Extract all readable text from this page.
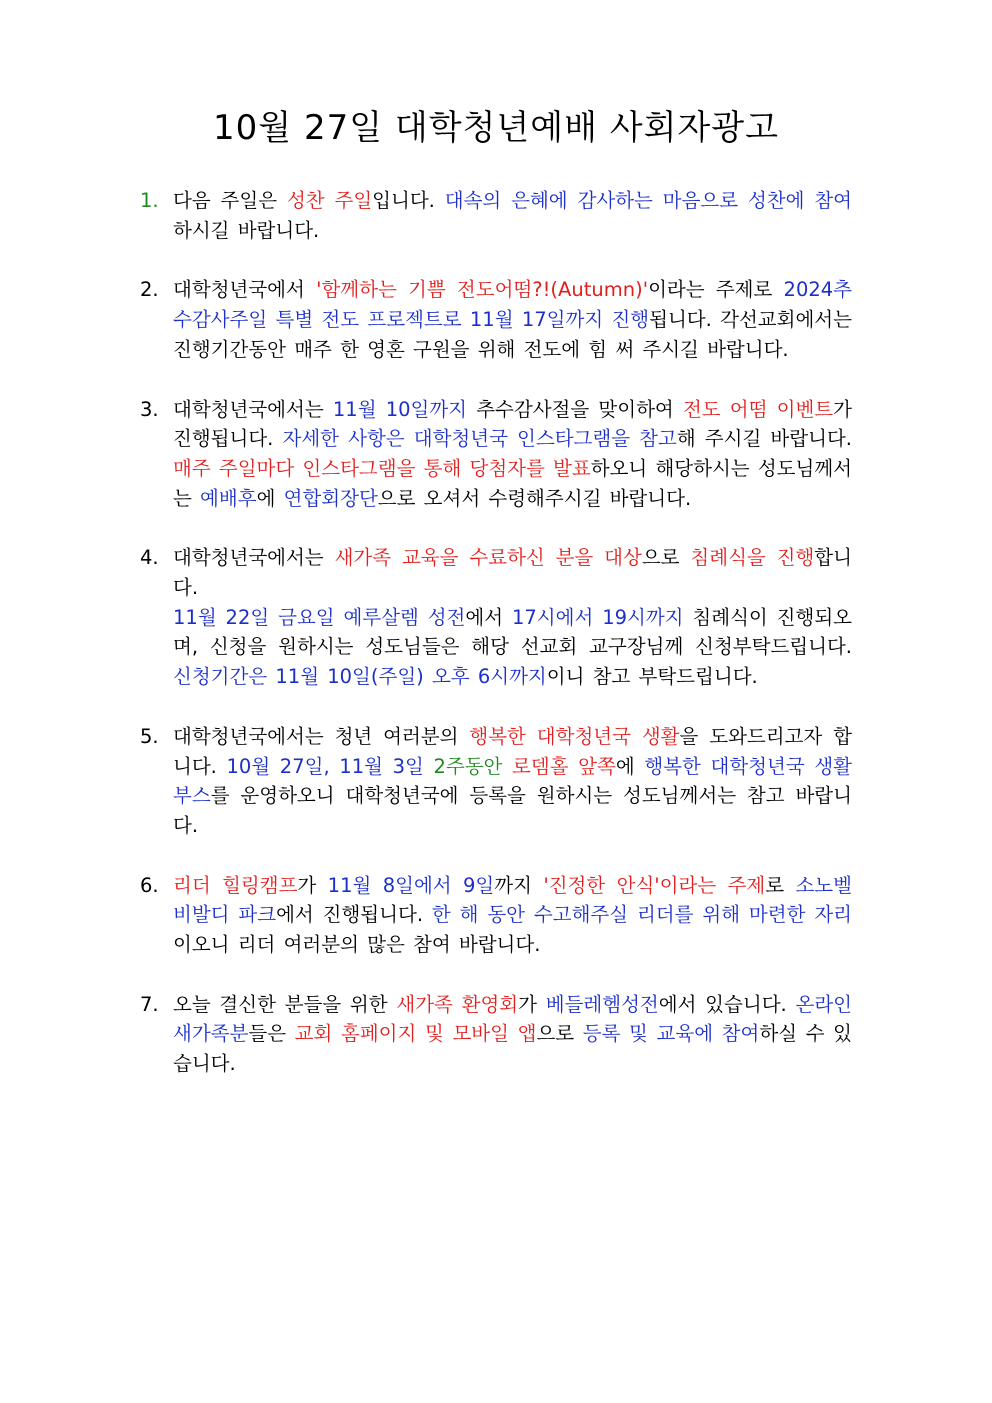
10월 27일 대학청년예배 사회자광고
1. 다음 주일은 성찬 주일입니다. 대속의 은혜에 감사하는 마음으로 성찬에 참여하시길 바랍니다.
2. 대학청년국에서 '함께하는 기쁨 전도어떰?!(Autumn)'이라는 주제로 2024추수감사주일 특별 전도 프로젝트로 11월 17일까지 진행됩니다. 각선교회에서는 진행기간동안 매주 한 영혼 구원을 위해 전도에 힘 써 주시길 바랍니다.
3. 대학청년국에서는 11월 10일까지 추수감사절을 맞이하여 전도 어떰 이벤트가 진행됩니다. 자세한 사항은 대학청년국 인스타그램을 참고해 주시길 바랍니다. 매주 주일마다 인스타그램을 통해 당첨자를 발표하오니 해당하시는 성도님께서는 예배후에 연합회장단으로 오셔서 수령해주시길 바랍니다.
4. 대학청년국에서는 새가족 교육을 수료하신 분을 대상으로 침례식을 진행합니다.
11월 22일 금요일 예루살렘 성전에서 17시에서 19시까지 침례식이 진행되오며, 신청을 원하시는 성도님들은 해당 선교회 교구장님께 신청부탁드립니다. 신청기간은 11월 10일(주일) 오후 6시까지이니 참고 부탁드립니다.
5. 대학청년국에서는 청년 여러분의 행복한 대학청년국 생활을 도와드리고자 합니다. 10월 27일, 11월 3일 2주동안 로뎀홀 앞쪽에 행복한 대학청년국 생활 부스를 운영하오니 대학청년국에 등록을 원하시는 성도님께서는 참고 바랍니다.
6. 리더 힐링캠프가 11월 8일에서 9일까지 '진정한 안식'이라는 주제로 소노벨 비발디 파크에서 진행됩니다. 한 해 동안 수고해주실 리더를 위해 마련한 자리이오니 리더 여러분의 많은 참여 바랍니다.
7. 오늘 결신한 분들을 위한 새가족 환영회가 베들레헴성전에서 있습니다. 온라인 새가족분들은 교회 홈페이지 및 모바일 앱으로 등록 및 교육에 참여하실 수 있습니다.
